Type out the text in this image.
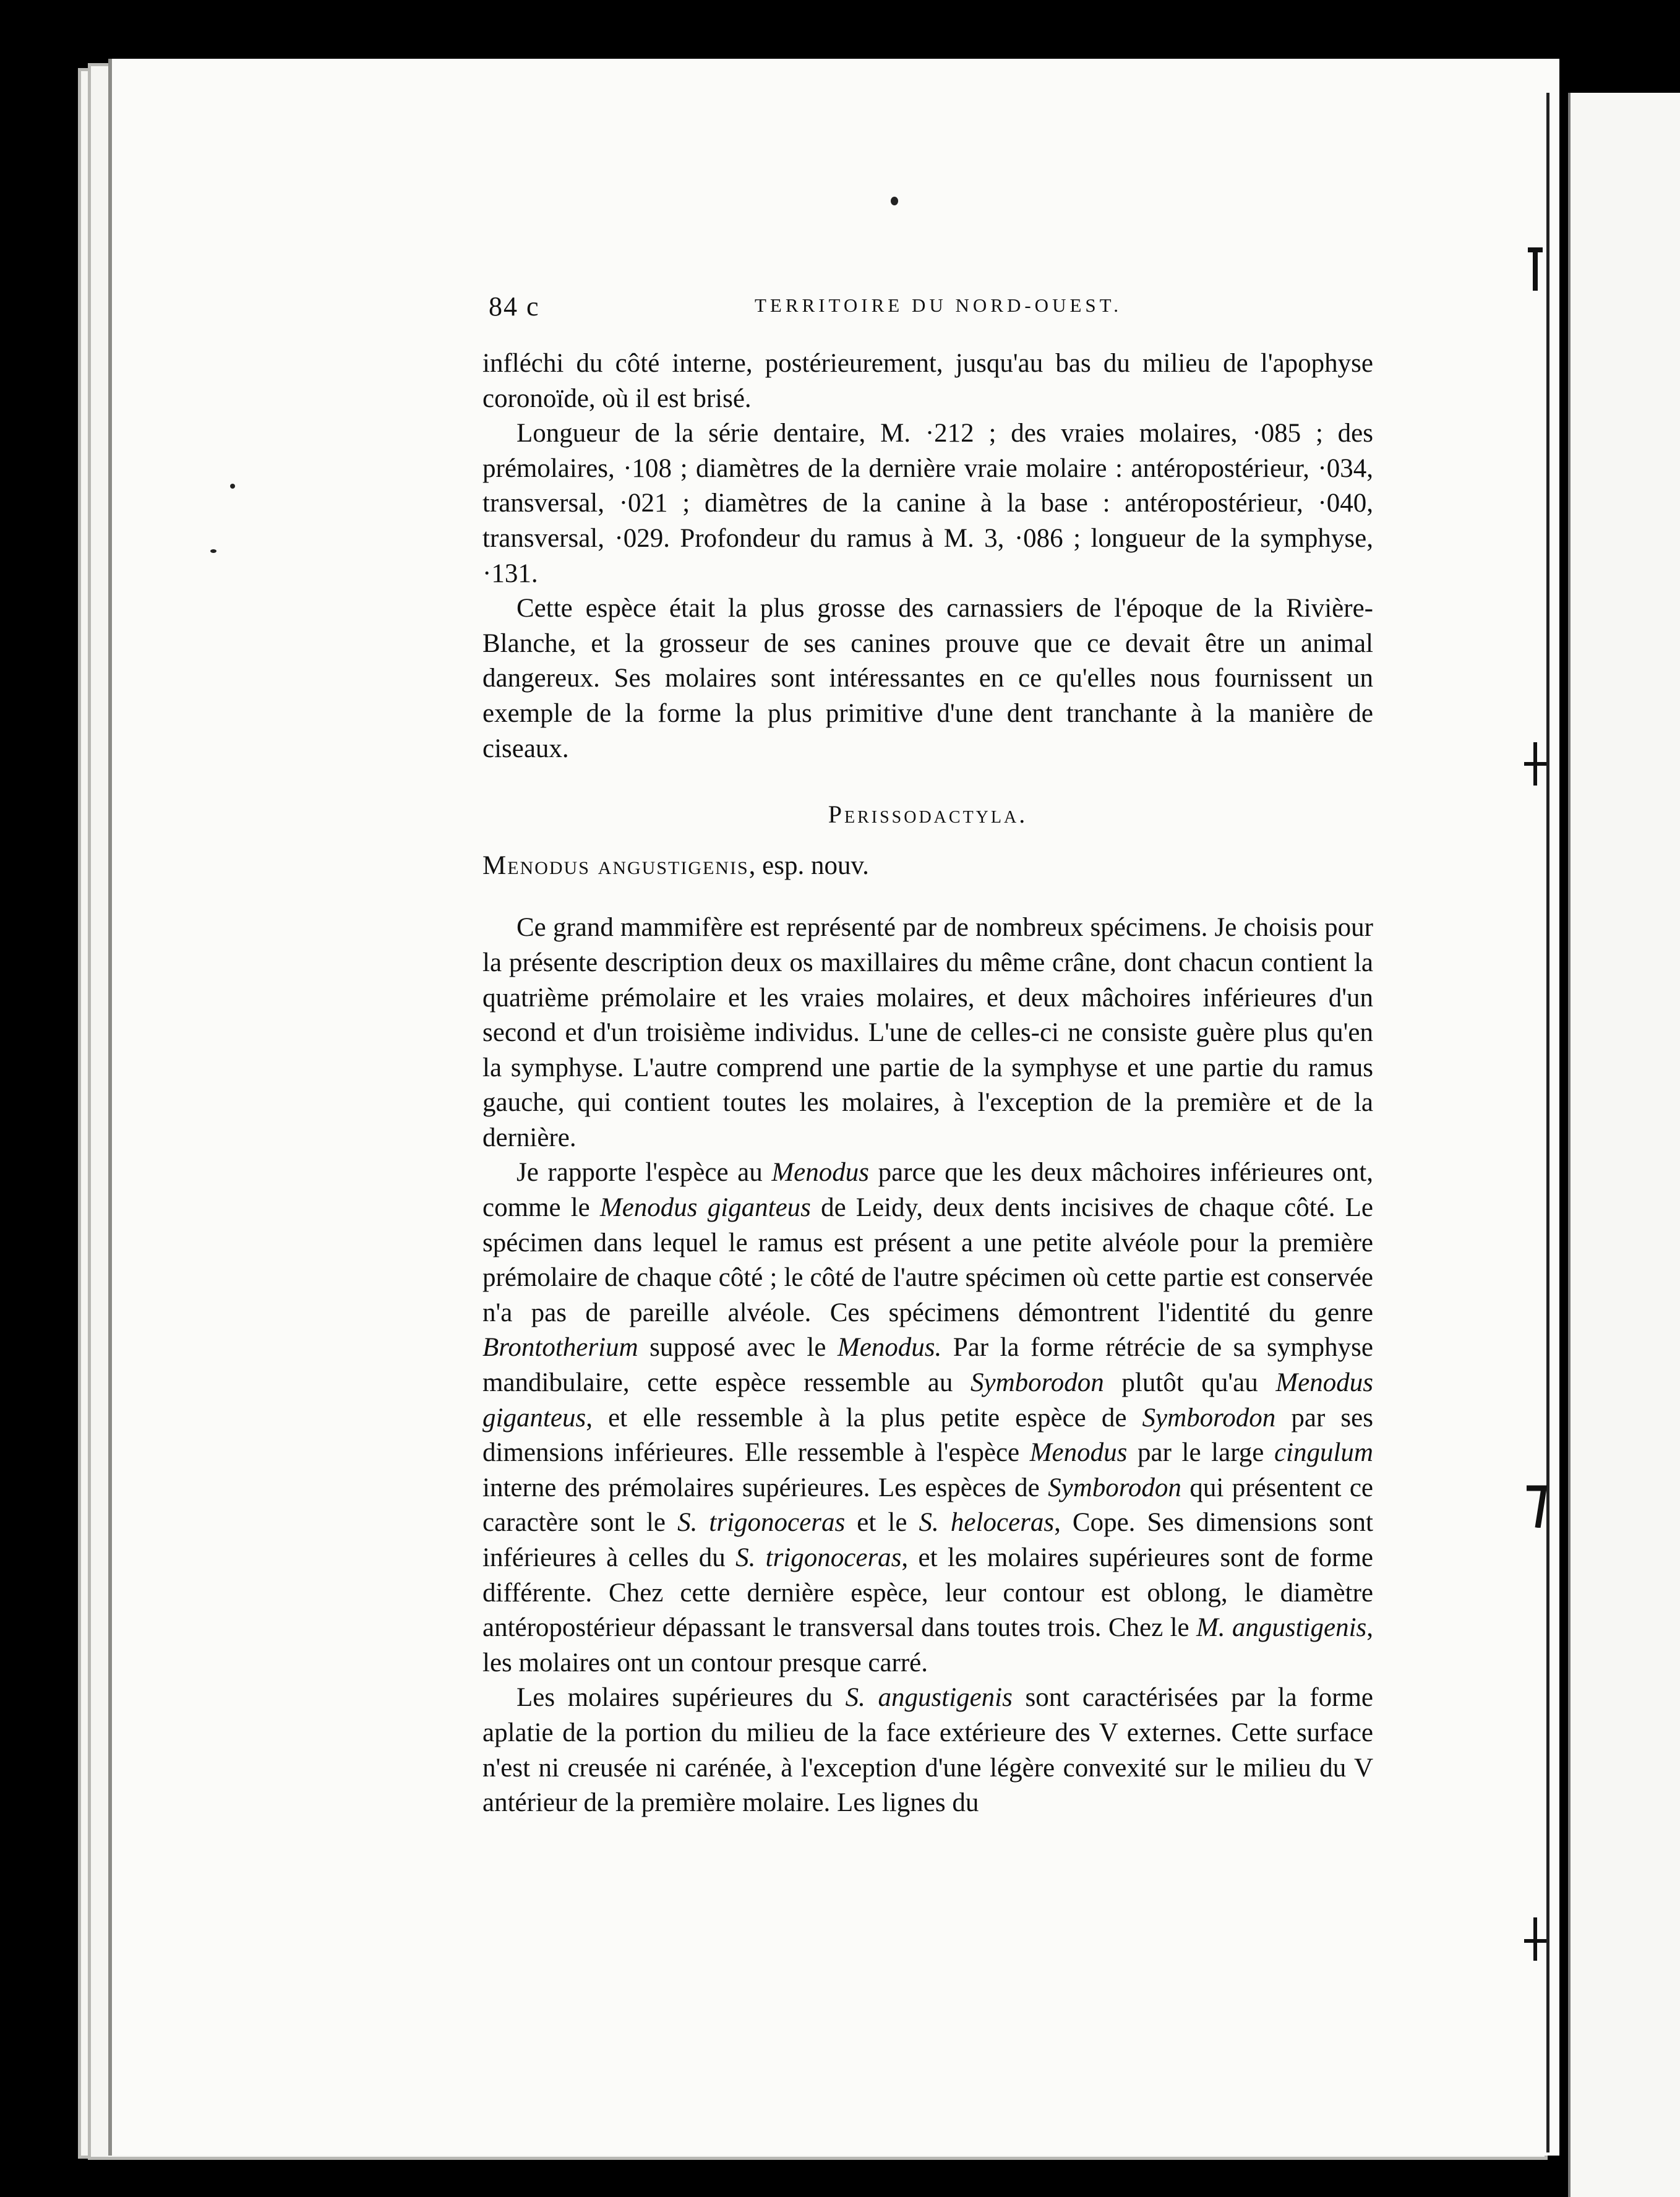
84 c	TERRITOIRE DU NORD-OUEST.

infléchi du côté interne, postérieurement, jusqu'au bas du milieu de l'apophyse coronoïde, où il est brisé.

Longueur de la série dentaire, M. ·212 ; des vraies molaires, ·085 ; des prémolaires, ·108 ; diamètres de la dernière vraie molaire : antéropostérieur, ·034, transversal, ·021 ; diamètres de la canine à la base : antéropostérieur, ·040, transversal, ·029. Profondeur du ramus à M. 3, ·086 ; longueur de la symphyse, ·131.

Cette espèce était la plus grosse des carnassiers de l'époque de la Rivière-Blanche, et la grosseur de ses canines prouve que ce devait être un animal dangereux. Ses molaires sont intéressantes en ce qu'elles nous fournissent un exemple de la forme la plus primitive d'une dent tranchante à la manière de ciseaux.

Perissodactyla.

Menodus angustigenis, esp. nouv.

Ce grand mammifère est représenté par de nombreux spécimens. Je choisis pour la présente description deux os maxillaires du même crâne, dont chacun contient la quatrième prémolaire et les vraies molaires, et deux mâchoires inférieures d'un second et d'un troisième individus. L'une de celles-ci ne consiste guère plus qu'en la symphyse. L'autre comprend une partie de la symphyse et une partie du ramus gauche, qui contient toutes les molaires, à l'exception de la première et de la dernière.

Je rapporte l'espèce au Menodus parce que les deux mâchoires inférieures ont, comme le Menodus giganteus de Leidy, deux dents incisives de chaque côté. Le spécimen dans lequel le ramus est présent a une petite alvéole pour la première prémolaire de chaque côté ; le côté de l'autre spécimen où cette partie est conservée n'a pas de pareille alvéole. Ces spécimens démontrent l'identité du genre Brontotherium supposé avec le Menodus. Par la forme rétrécie de sa symphyse mandibulaire, cette espèce ressemble au Symborodon plutôt qu'au Menodus giganteus, et elle ressemble à la plus petite espèce de Symborodon par ses dimensions inférieures. Elle ressemble à l'espèce Menodus par le large cingulum interne des prémolaires supérieures. Les espèces de Symborodon qui présentent ce caractère sont le S. trigonoceras et le S. heloceras, Cope. Ses dimensions sont inférieures à celles du S. trigonoceras, et les molaires supérieures sont de forme différente. Chez cette dernière espèce, leur contour est oblong, le diamètre antéropostérieur dépassant le transversal dans toutes trois. Chez le M. angustigenis, les molaires ont un contour presque carré.

Les molaires supérieures du S. angustigenis sont caractérisées par la forme aplatie de la portion du milieu de la face extérieure des V externes. Cette surface n'est ni creusée ni carénée, à l'exception d'une légère convexité sur le milieu du V antérieur de la première molaire. Les lignes du
